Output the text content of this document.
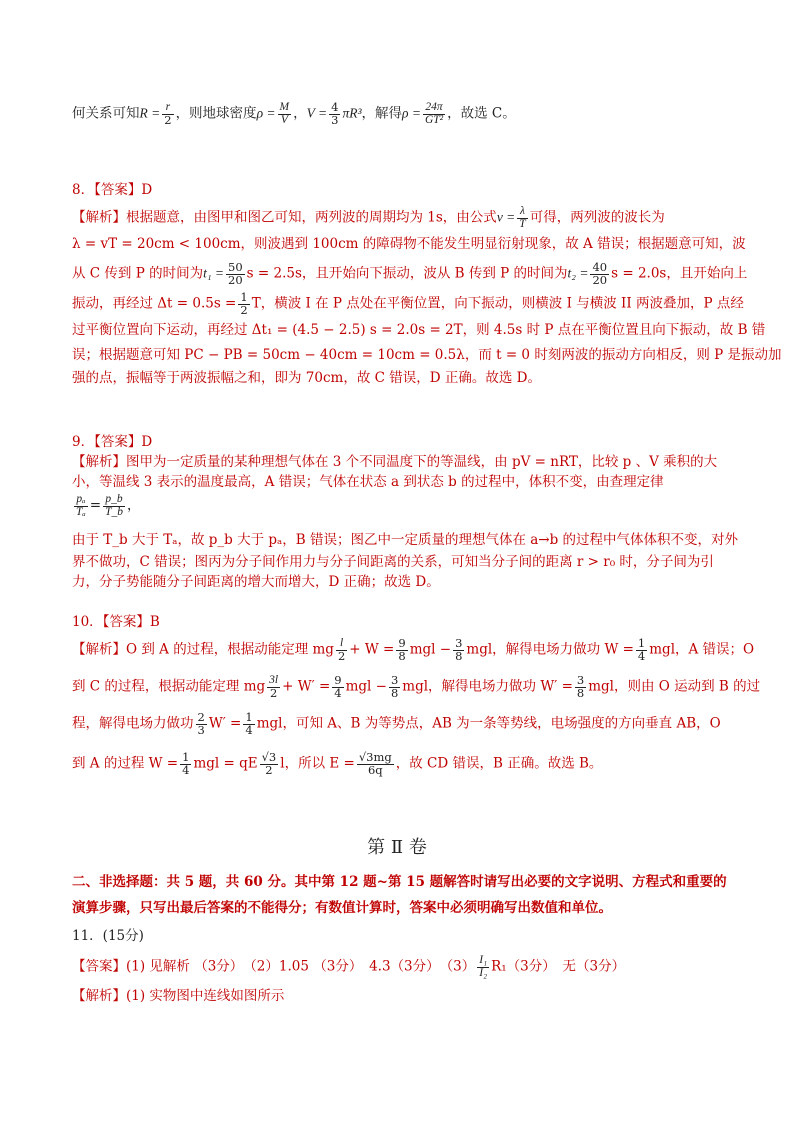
何关系可知$R = \frac{r}{2}$ ，则地球密度$\rho = \frac{M}{V}$ ，$V = \frac{4}{3} \pi R^3$，解得$\rho = \frac{24\pi}{\text{GT²}}$ ，故选 C。
8．【答案】D
【解析】根据题意，由图甲和图乙可知，两列波的周期均为 1s，由公式$v = \frac{\lambda}{T}$ 可得，两列波的波长为
λ = vT = 20cm < 100cm，则波遇到 100cm 的障碍物不能发生明显衍射现象，故 A 错误；根据题意可知，波
从 C 传到 P 的时间为$t_1 = \frac{50}{20}$ s = 2.5s，且开始向下振动，波从 B 传到 P 的时间为$t_2 = \frac{40}{20}$ s = 2.0s，且开始向上
振动，再经过 $\Delta t = 0.5s = \frac{1}{2}$ T，横波 I 在 P 点处在平衡位置，向下振动，则横波 I 与横波 II 两波叠加，P 点经
过平衡位置向下运动，再经过 Δt₁ = (4.5 − 2.5) s = 2.0s = 2T，则 4.5s 时 P 点在平衡位置且向下振动，故 B 错
误；根据题意可知 PC − PB = 50cm − 40cm = 10cm = 0.5λ，而 t = 0 时刻两波的振动方向相反，则 P 是振动加
强的点，振幅等于两波振幅之和，即为 70cm，故 C 错误，D 正确。故选 D。
9．【答案】D
【解析】图甲为一定质量的某种理想气体在 3 个不同温度下的等温线，由 pV = nRT，比较 p 、V 乘积的大
小，等温线 3 表示的温度最高，A 错误；气体在状态 a 到状态 b 的过程中，体积不变，由查理定律
$\frac{\text{pₐ}}{\text{Tₐ}} = \frac{p\_b}{T\_b}$ ，
由于 T_b 大于 Tₐ，故 p_b 大于 pₐ，B 错误；图乙中一定质量的理想气体在 a→b 的过程中气体体积不变，对外
界不做功，C 错误；图丙为分子间作用力与分子间距离的关系，可知当分子间的距离 r > r₀ 时，分子间为引
力，分子势能随分子间距离的增大而增大，D 正确；故选 D。
10．【答案】B
【解析】O 到 A 的过程，根据动能定理 mg $\frac{l}{2} + W = \frac{9}{8}$ mgl − $\frac{3}{8}$ mgl，解得电场力做功 $W = \frac{1}{4}$ mgl，A 错误；O
到 C 的过程，根据动能定理 mg $\frac{3l}{2} + W' = \frac{9}{4}$ mgl − $\frac{3}{8}$ mgl，解得电场力做功 $W' = \frac{3}{8}$ mgl，则由 O 运动到 B 的过
程，解得电场力做功 $\frac{2}{3} W' = \frac{1}{4}$ mgl，可知 A、B 为等势点，AB 为一条等势线，电场强度的方向垂直 AB，O
到 A 的过程 $W = \frac{1}{4}$ mgl = qE $\frac{√3}{2}$ l，所以 $E = \frac{√3mg}{6q}$ ，故 CD 错误，B 正确。故选 B。
第 Ⅱ 卷
二、非选择题：共 5 题，共 60 分。其中第 12 题~第 15 题解答时请写出必要的文字说明、方程式和重要的
演算步骤，只写出最后答案的不能得分；有数值计算时，答案中必须明确写出数值和单位。
11．(15分)
【答案】(1) 见解析 （3分）　（2）1.05 （3分）　4.3（3分）　$(3) \frac{\text{I₁}}{\text{I₂}} R_1(3$分）　无（3分）
【解析】(1) 实物图中连线如图所示
